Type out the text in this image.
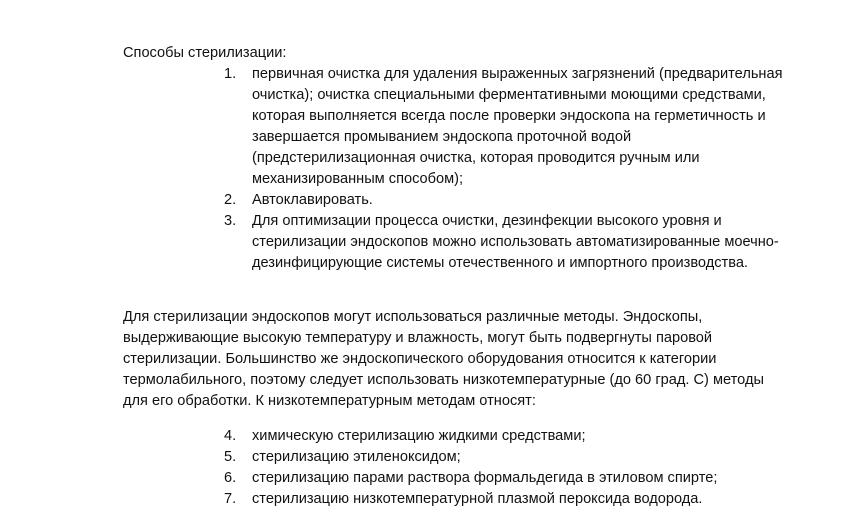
Способы стерилизации:
1. первичная очистка для удаления выраженных загрязнений (предварительная очистка); очистка специальными ферментативными моющими средствами, которая выполняется всегда после проверки эндоскопа на герметичность и завершается промыванием эндоскопа проточной водой (предстерилизационная очистка, которая проводится ручным или механизированным способом);
2. Автоклавировать.
3. Для оптимизации процесса очистки, дезинфекции высокого уровня и стерилизации эндоскопов можно использовать автоматизированные моечно-дезинфицирующие системы отечественного и импортного производства.

Для стерилизации эндоскопов могут использоваться различные методы. Эндоскопы, выдерживающие высокую температуру и влажность, могут быть подвергнуты паровой стерилизации. Большинство же эндоскопического оборудования относится к категории термолабильного, поэтому следует использовать низкотемпературные (до 60 град. С) методы для его обработки. К низкотемпературным методам относят:

4. химическую стерилизацию жидкими средствами;
5. стерилизацию этиленоксидом;
6. стерилизацию парами раствора формальдегида в этиловом спирте;
7. стерилизацию низкотемпературной плазмой пероксида водорода.
